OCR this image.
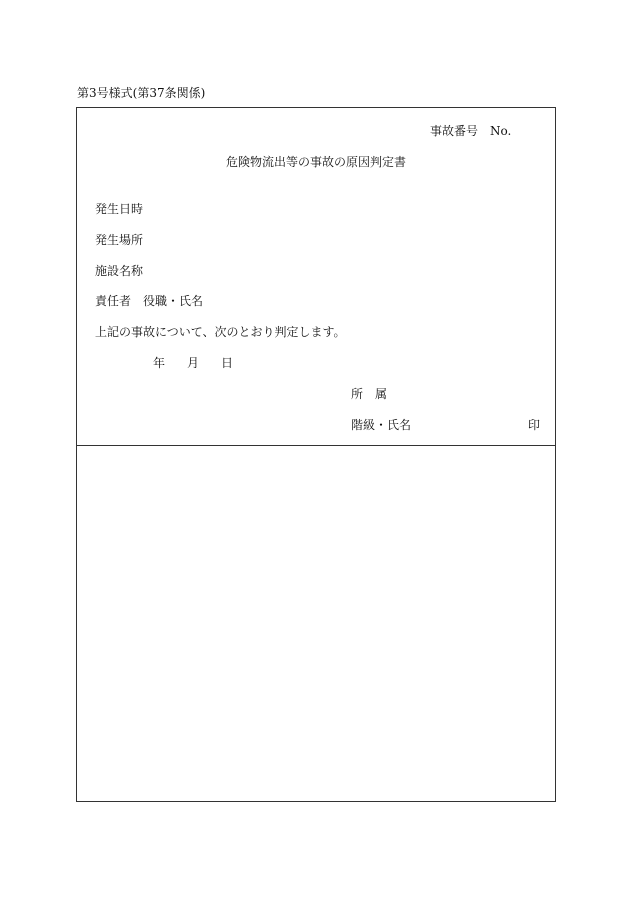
第3号様式(第37条関係)
事故番号 No.
危険物流出等の事故の原因判定書
発生日時
発生場所
施設名称
責任者 役職・氏名
上記の事故について、次のとおり判定します。
年 月 日
所　属
階級・氏名	印
